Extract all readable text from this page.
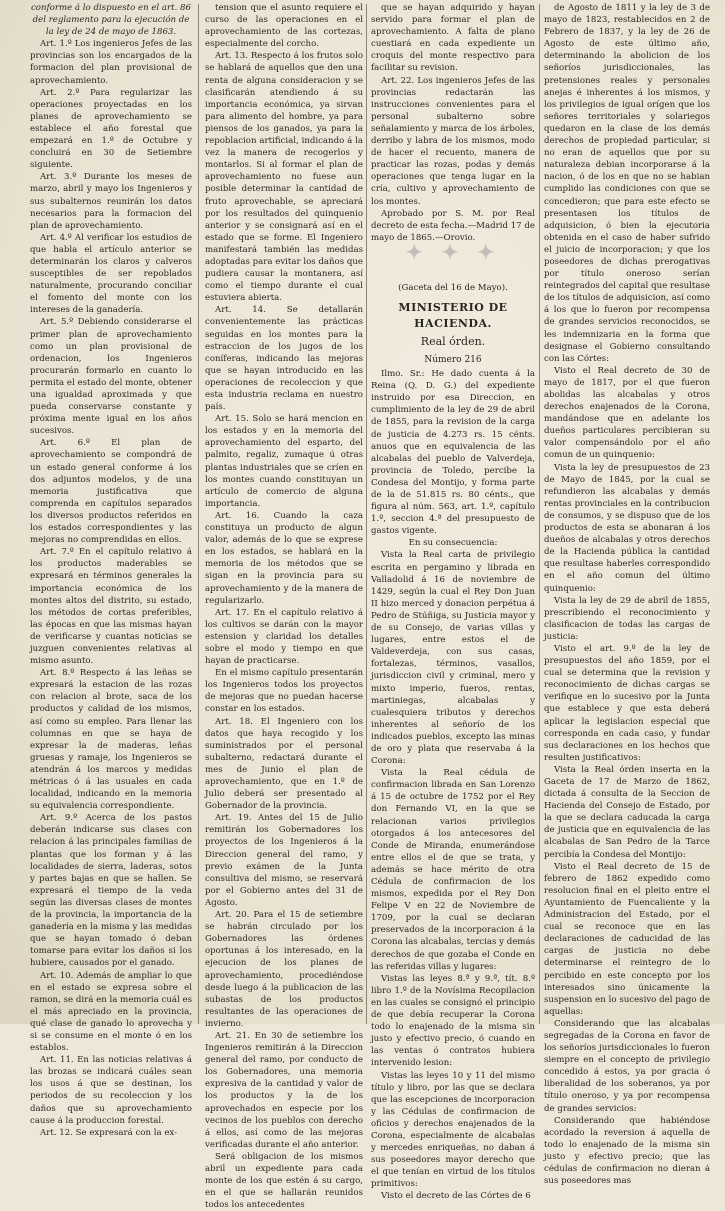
conforme á lo dispuesto en el art. 86 del reglamento para la ejecución de la ley de 24 de mayo de 1863.

Art. 1.º Los ingenieros Jefes de las provincias son los encargados de la formacion del plan provisional de aprovechamiento.

Art. 2.º Para regularizar las operaciones proyectadas en los planes de aprovechamiento se establece el año forestal que empezará en 1.º de Octubre y concluirá en 30 de Setiembre siguiente.

Art. 3.º Durante los meses de marzo, abril y mayo los Ingenieros y sus subalternos reunirán los datos necesarios para la formacion del plan de aprovechamiento.

Art. 4.º Al verificar los estudios de que habla el artículo anterior se determinarán los claros y calveros susceptibles de ser repoblados naturalmente, procurando conciliar el fomento del monte con los intereses de la ganadería.

Art. 5.º Debiendo considerarse el primer plan de aprovechamiento como un plan provisional de ordenacion, los Ingenieros procurarán formarlo en cuanto lo permita el estado del monte, obtener una igualdad aproximada y que pueda conservarse constante y próxima mente igual en los años sucesivos.

Art. 6.º El plan de aprovechamiento se compondrá de un estado general conforme á los dos adjuntos modelos, y de una memoria justificativa que comprenda en capítulos separados los diversos productos referidos en los estados correspondientes y las mejoras no comprendidas en ellos.

Art. 7.º En el capítulo relativo á los productos maderables se expresará en términos generales la importancia económica de los montes altos del distrito, su estado, los métodos de cortas preferibles, las épocas en que las mismas hayan de verificarse y cuantas noticias se juzguen convenientes relativas al mismo asunto.

Art. 8.º Respecto á las leñas se expresará la estacion de las rozas con relacion al brote, saca de los productos y calidad de los mismos, así como su empleo. Para llenar las columnas en que se haya de expresar la de maderas, leñas gruesas y ramaje, los Ingenieros se atendrán á los marcos y medidas métricas ó á las usuales en cada localidad, indicando en la memoria su equivalencia correspondiente.

Art. 9.º Acerca de los pastos deberán indicarse sus clases con relacion á las principales familias de plantas que los forman y á las localidades de sierra, laderas, sotos y partes bajas en que se hallen. Se expresará el tiempo de la veda según las diversas clases de montes de la provincia, la importancia de la ganadería en la misma y las medidas que se hayan tomado ó deban tomarse para evitar los daños si los hubiere, causados por el ganado.

Art. 10. Además de ampliar lo que en el estado se expresa sobre el ramon, se dirá en la memoria cuál es el más apreciado en la provincia, qué clase de ganado lo aprovecha y si se consume en el monte ó en los establos.

Art. 11. En las noticias relativas á las brozas se indicará cuáles sean los usos á que se destinan, los periodos de su recoleccion y los daños que su aprovechamiento cause á la produccion forestal.

Art. 12. Se expresará con la ex-

tension que el asunto requiere el curso de las operaciones en el aprovechamiento de las cortezas, especialmente del corcho.

Art. 13. Respecto á los frutos solo se hablará de aquellos que den una renta de alguna consideracion y se clasificarán atendiendo á su importancia económica, ya sirvan para alimento del hombre, ya para piensos de los ganados, ya para la repoblacion artificial, indicando á la vez la manera de recogerlos y montarlos. Si al formar el plan de aprovechamiento no fuese aun posible determinar la cantidad de fruto aprovechable, se apreciará por los resultados del quinquenio anterior y se consignará así en el estado que se forme. El Ingeniero manifestará también las medidas adoptadas para evitar los daños que pudiera causar la montanera, así como el tiempo durante el cual estuviera abierta.

Art. 14. Se detallarán convenientemente las prácticas seguidas en los montes para la estraccion de los jugos de los coníferas, indicando las mejoras que se hayan introducido en las operaciones de recoleccion y que esta industria reclama en nuestro país.

Art. 15. Solo se hará mencion en los estados y en la memoria del aprovechamiento del esparto, del palmito, regaliz, zumaque ú otras plantas industriales que se críen en los montes cuando constituyan un artículo de comercio de alguna importancia.

Art. 16. Cuando la caza constituya un producto de algun valor, además de lo que se exprese en los estados, se hablará en la memoria de los métodos que se sigan en la provincia para su aprovechamiento y de la manera de regularizarlo.

Art. 17. En el capítulo relativo á los cultivos se darán con la mayor estension y claridad los detalles sobre el modo y tiempo en que hayan de practicarse.

En el mismo capítulo presentarán los Ingenieros todos los proyectos de mejoras que no puedan hacerse constar en los estados.

Art. 18. El Ingeniero con los datos que haya recogido y los suministrados por el personal subalterno, redactará durante el mes de Junio el plan de aprovechamiento, que en 1.º de Julio deberá ser presentado al Gobernador de la provincia.

Art. 19. Antes del 15 de Julio remitirán los Gobernadores los proyectos de los Ingenieros á la Direccion general del ramo, y previo exámen de la Junta consultiva del mismo, se reservará por el Gobierno antes del 31 de Agosto.

Art. 20. Para el 15 de setiembre se habrán circulado por los Gobernadores las órdenes oportunas á los interesado, en la ejecucion de los planes de aprovechamiento, procediéndose desde luego á la publicacion de las subastas de los productos resultantes de las operaciones de invierno.

Art. 21. En 30 de setiembre los Ingenieros remitirán á la Direccion general del ramo, por conducto de los Gobernadores, una memoria expresiva de la cantidad y valor de los productos y la de los aprovechados en especie por los vecinos de los pueblos con derecho á ellos, así como de las mejoras verificadas durante el año anterior.

Será obligacion de los mismos abril un expediente para cada monte de los que estén á su cargo, en el que se hallarán reunidos todos los antecedentes

que se hayan adquirido y hayan servido para formar el plan de aprovechamiento. A falta de plano cuestiará en cada expediente un croquis del monte respectivo para facilitar su revision.

Art. 22. Los ingenieros Jefes de las provincias redactarán las instrucciones convenientes para el personal subalterno sobre señalamiento y marca de los árboles, derribo y labra de los mismos, modo de hacer el recuento, manera de practicar las rozas, podas y demás operaciones que tenga lugar en la cría, cultivo y aprovechamiento de los montes.

Aprobado por S. M. por Real decreto de esta fecha.—Madrid 17 de mayo de 1865.—Orovio.

✦ ✦ ✦

(Gaceta del 16 de Mayo).

MINISTERIO DE HACIENDA.
Real órden.
Número 216

Ilmo. Sr.: He dado cuenta á la Reina (Q. D. G.) del expediente instruido por esa Direccion, en cumplimiento de la ley de 29 de abril de 1855, para la revision de la carga de justicia de 4.273 rs. 15 cénts. anuos que en equivalencia de las alcabalas del pueblo de Valverdeja, provincia de Toledo, percibe la Condesa del Montijo, y forma parte de la de 51.815 rs. 80 cénts., que figura al núm. 563, art. 1.º, capítulo 1.º, seccion 4.ª del presupuesto de gastos vigente.

En su consecuencia:

Vista la Real carta de privilegio escrita en pergamino y librada en Valladolid á 16 de noviembre de 1429, según la cual el Rey Don Juan II hizo merced y donacion perpétua á Pedro de Stúñiga, su Justicia mayor y de su Consejo, de varias villas y lugares, entre estos el de Valdeverdeja, con sus casas, fortalezas, términos, vasallos, jurisdiccion civil y criminal, mero y mixto imperio, fueros, rentas, martiniegas, alcabalas y cualesquiera tributos y derechos inherentes al señorío de los indicados pueblos, excepto las minas de oro y plata que reservaba á la Corona:

Vista la Real cédula de confirmacion librada en San Lorenzo á 15 de octubre de 1752 por el Rey don Fernando VI, en la que se relacionan varios privilegios otorgados á los antecesores del Conde de Miranda, enumerándose entre ellos el de que se trata, y además se hace mérito de otra Cédula de confirmacion de los mismos, expedida por el Rey Don Felipe V en 22 de Noviembre de 1709, por la cual se declaran preservados de la incorporacion á la Corona las alcabalas, tercias y demás derechos de que gozaba el Conde en las referidas villas y lugares:

Vistas las leyes 8.ª y 9.ª, tít. 8.º libro 1.º de la Novísima Recopilacion en las cuales se consignó el principio de que debía recuperar la Corona todo lo enajenado de la misma sin justo y efectivo precio, ó cuando en las ventas ó contratos hubiera intervenido lesion:

Vistas las leyes 10 y 11 del mismo título y libro, por las que se declara que las escepciones de incorporacion y las Cédulas de confirmacion de oficios y derechos enajenados de la Corona, especialmente de alcabalas y mercedes enriqueñas, no daban á sus poseedores mayor derecho que el que tenían en virtud de los títulos primitivos:

Visto el decreto de las Córtes de 6

de Agosto de 1811 y la ley de 3 de mayo de 1823, restablecidos en 2 de Febrero de 1837, y la ley de 26 de Agosto de este último año, determinando la abolicion de los señoríos jurisdiccionales, las pretensiones reales y personales anejas é inherentes á los mismos, y los privilegios de igual orígen que los señores territoriales y solariegos quedaron en la clase de los demás derechos de propiedad particular, si no eran de aquellos que por su naturaleza debian incorporarse á la nacion, ó de los en que no se habian cumplido las condiciones con que se concedieron; que para este efecto se presentasen los títulos de adquisicion, ó bien la ejecutoria obtenida en el caso de haber sufrido el juicio de incorporacion; y que los poseedores de dichas prerogativas por título oneroso serían reintegrados del capital que resultase de los títulos de adquisicion, así como á los que lo fueron por recompensa de grandes servicios reconocidos, se les indemnizaria en la forma que designase el Gobierno consultando con las Córtes:

Visto el Real decreto de 30 de mayo de 1817, por el que fueron abolidas las alcabalas y otros derechos enajenados de la Corona, mandándose que en adelante los dueños particulares percibieran su valor compensándolo por el año comun de un quinquenio:

Vista la ley de presupuestos de 23 de Mayo de 1845, por la cual se refundieron las alcabalas y demás rentas provinciales en la contribucion de consumos, y se dispuso que de los productos de esta se abonaran á los dueños de alcabalas y otros derechos de la Hacienda pública la cantidad que resultase haberles correspondido en el año comun del último quinquenio:

Vista la ley de 29 de abril de 1855, prescribiendo el reconocimiento y clasificacion de todas las cargas de justicia:

Visto el art. 9.º de la ley de presupuestos del año 1859, por el cual se determina que la revision y reconocimiento de dichas cargas se verifique en lo sucesivo por la Junta que establece y que esta deberá aplicar la legislacion especial que corresponda en cada caso, y fundar sus declaraciones en los hechos que resulten justificativos:

Vista la Real órden inserta en la Gaceta de 17 de Marzo de 1862, dictada á consulta de la Seccion de Hacienda del Consejo de Estado, por la que se declara caducada la carga de justicia que en equivalencia de las alcabalas de San Pedro de la Tarce percibía la Condesa del Montijo:

Visto el Real decreto de 15 de febrero de 1862 expedido como resolucion final en el pleito entre el Ayuntamiento de Fuencaliente y la Administracion del Estado, por el cual se reconoce que en las declaraciones de caducidad de las cargas de justicia no debe determinarse el reintegro de lo percibido en este concepto por los interesados sino únicamente la suspension en lo sucesivo del pago de aquellas:

Considerando que las alcabalas segregadas de la Corona en favor de los señoríos jurisdiccionales lo fueron siempre en el concepto de privilegio concedido á estos, ya por gracia ó liberalidad de los soberanos, ya por título oneroso, y ya por recompensa de grandes servicios:

Considerando que habiéndose acordado la reversion á aquella de todo lo enajenado de la misma sin justo y efectivo precio; que las cédulas de confirmacion no dieran á sus poseedores mas
